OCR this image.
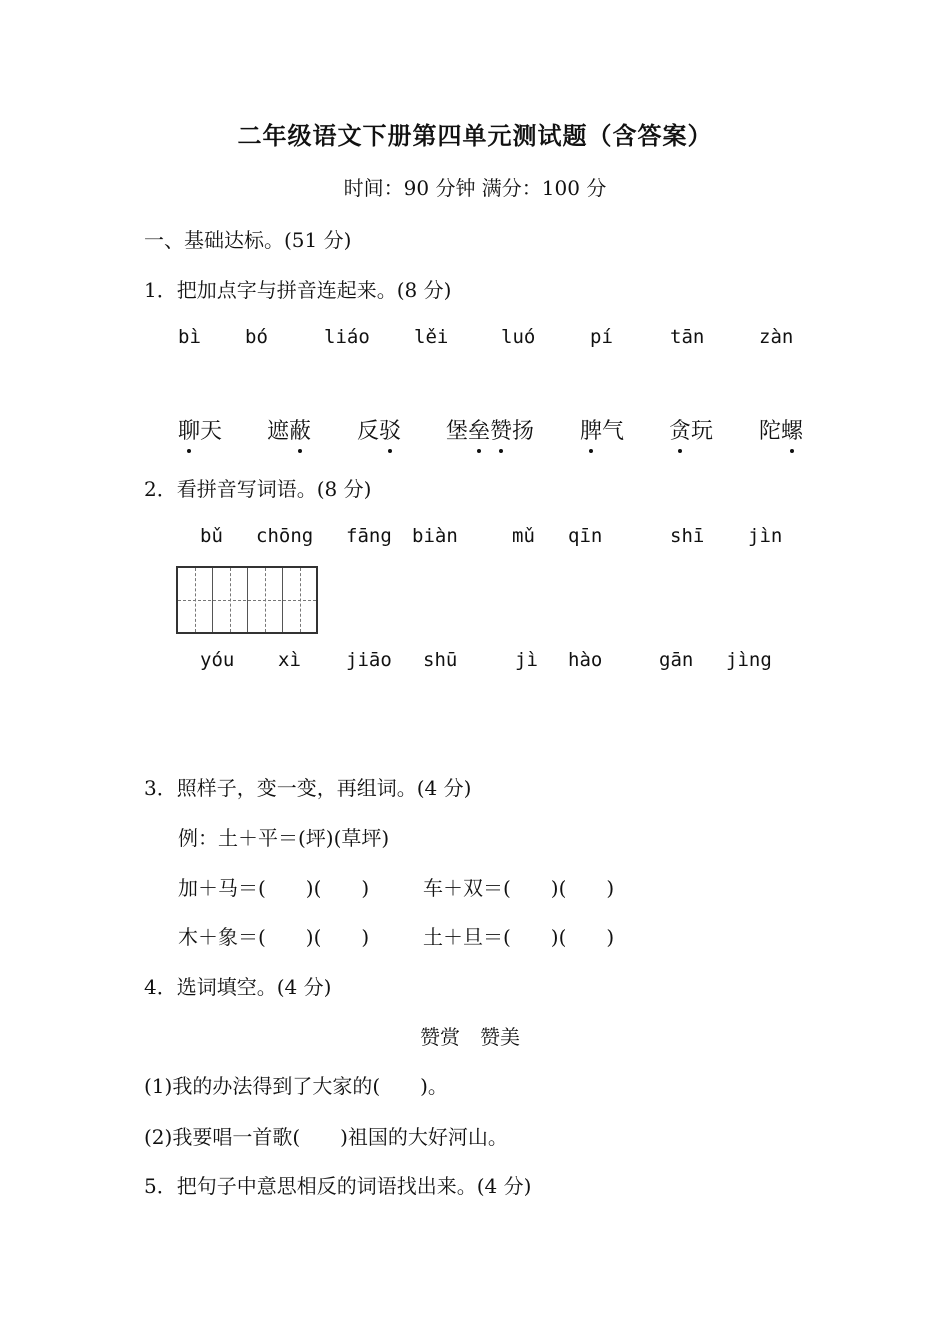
二年级语文下册第四单元测试题（含答案）
时间：90 分钟 满分：100 分
一、基础达标。(51 分)
1．把加点字与拼音连起来。(8 分)
bì bó	liáo lěi	luó	pí	tān	zàn
聊天 遮蔽 反驳 堡垒赞扬 脾气 贪玩 陀螺
2．看拼音写词语。(8 分)
bǔ chōng fāng biàn	mǔ qīn	shī jìn
yóu xì jiāo shū	jì hào	gān jìng
3．照样子，变一变，再组词。(4 分)
例：土＋平＝(坪)(草坪)
加＋马＝(　　)(　　)	车＋双＝(　　)(　　)
木＋象＝(　　)(　　)	土＋旦＝(　　)(　　)
4．选词填空。(4 分)
赞赏　赞美
(1)我的办法得到了大家的(　　)。
(2)我要唱一首歌(　　)祖国的大好河山。
5．把句子中意思相反的词语找出来。(4 分)
